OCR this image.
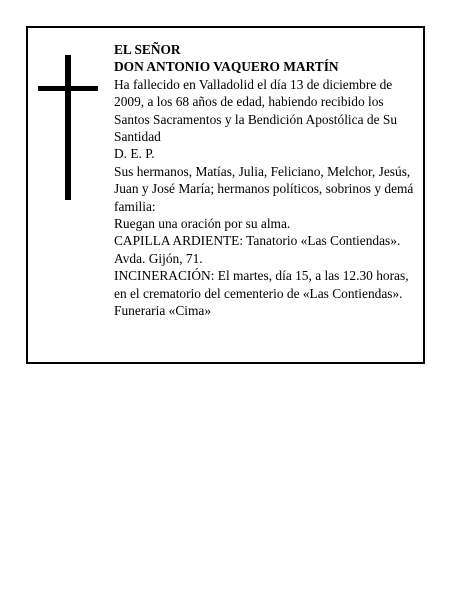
EL SEÑOR

DON ANTONIO VAQUERO MARTÍN

Ha fallecido en Valladolid el día 13 de diciembre de 2009, a los 68 años de edad, habiendo recibido los Santos Sacramentos y la Bendición Apostólica de Su Santidad

D. E. P.

Sus hermanos, Matías, Julia, Feliciano, Melchor, Jesús, Juan y José María; hermanos políticos, sobrinos y demá familia:

Ruegan una oración por su alma.

CAPILLA ARDIENTE: Tanatorio «Las Contiendas». Avda. Gijón, 71.

INCINERACIÓN: El martes, día 15, a las 12.30 horas, en el crematorio del cementerio de «Las Contiendas».

Funeraria «Cima»
